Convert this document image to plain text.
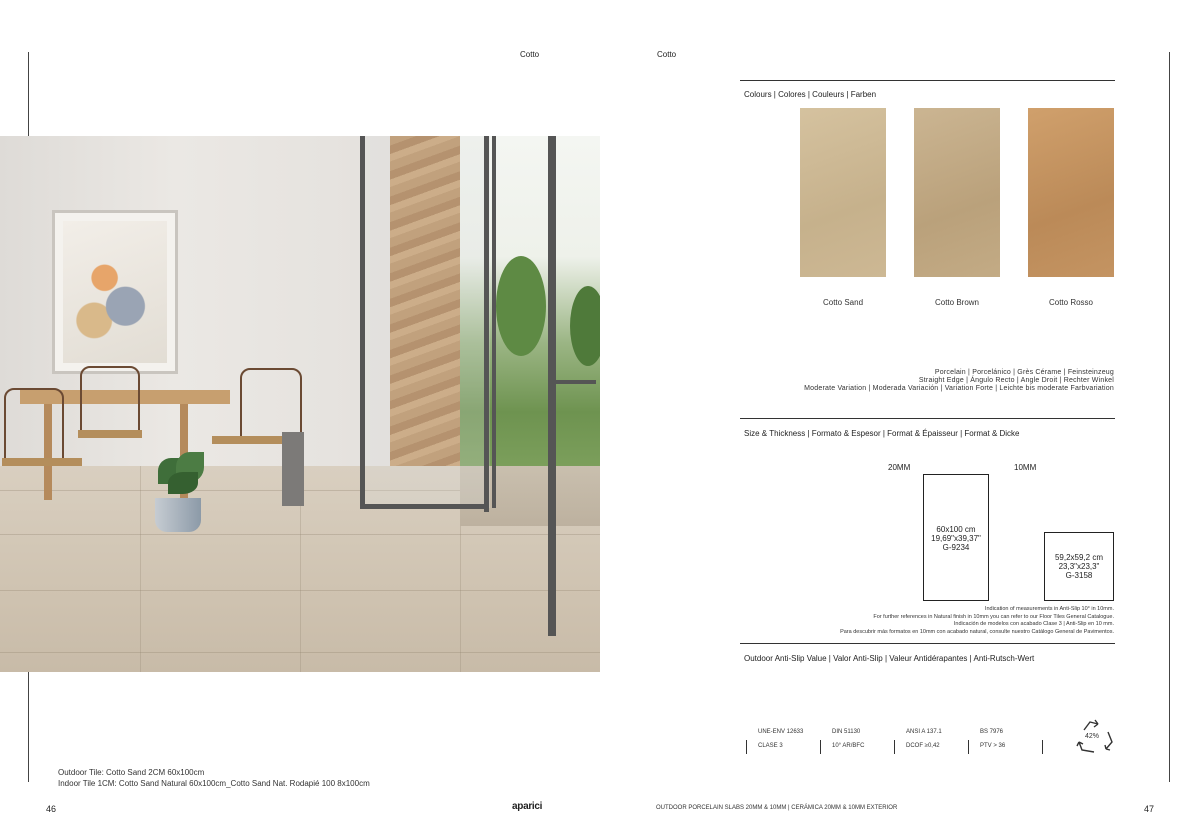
Cotto	Cotto
Outdoor Tile: Cotto Sand 2CM 60x100cm
Indoor Tile 1CM: Cotto Sand Natural 60x100cm_Cotto Sand Nat. Rodapié 100 8x100cm
Colours | Colores | Couleurs | Farben
Cotto Sand	Cotto Brown	Cotto Rosso
Porcelain | Porcelánico | Grès Cérame | Feinsteinzeug
Straight Edge | Ángulo Recto | Angle Droit | Rechter Winkel
Moderate Variation | Moderada Variación | Variation Forte | Leichte bis moderate Farbvariation
Size & Thickness | Formato & Espesor | Format & Épaisseur | Format & Dicke
20MM	10MM
60x100 cm
19,69"x39,37"
G-9234
59,2x59,2 cm
23,3"x23,3"
G-3158
Indication of measurements in Anti-Slip 10° in 10mm.
For further references in Natural finish in 10mm you can refer to our Floor Tiles General Catalogue.
Indicación de modelos con acabado Clase 3 | Anti-Slip en 10 mm.
Para descubrir más formatos en 10mm con acabado natural, consulte nuestro Catálogo General de Pavimentos.
Outdoor Anti-Slip Value | Valor Anti-Slip | Valeur Antidérapantes | Anti-Rutsch-Wert
UNE-ENV 12633	DIN 51130	ANSI A 137.1	BS 7976
CLASE 3	10° AR/BFC	DCOF ≥0,42	PTV > 36
42%
46	aparici	OUTDOOR PORCELAIN SLABS 20MM & 10MM | CERÁMICA 20MM & 10MM EXTERIOR	47
